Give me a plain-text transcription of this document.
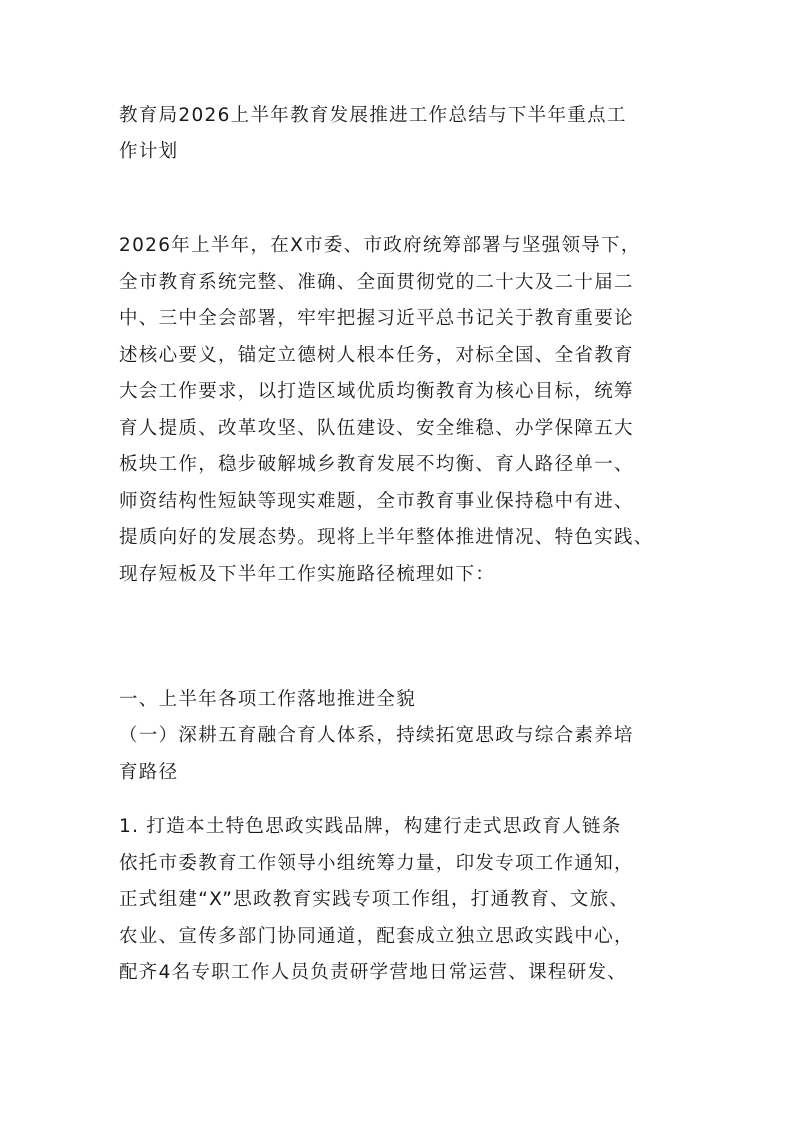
教育局2026上半年教育发展推进工作总结与下半年重点工
作计划
2026年上半年，在X市委、市政府统筹部署与坚强领导下，
全市教育系统完整、准确、全面贯彻党的二十大及二十届二
中、三中全会部署，牢牢把握习近平总书记关于教育重要论
述核心要义，锚定立德树人根本任务，对标全国、全省教育
大会工作要求，以打造区域优质均衡教育为核心目标，统筹
育人提质、改革攻坚、队伍建设、安全维稳、办学保障五大
板块工作，稳步破解城乡教育发展不均衡、育人路径单一、
师资结构性短缺等现实难题，全市教育事业保持稳中有进、
提质向好的发展态势。现将上半年整体推进情况、特色实践、
现存短板及下半年工作实施路径梳理如下：
一、上半年各项工作落地推进全貌
（一）深耕五育融合育人体系，持续拓宽思政与综合素养培
育路径
1. 打造本土特色思政实践品牌，构建行走式思政育人链条
依托市委教育工作领导小组统筹力量，印发专项工作通知，
正式组建“X”思政教育实践专项工作组，打通教育、文旅、
农业、宣传多部门协同通道，配套成立独立思政实践中心，
配齐4名专职工作人员负责研学营地日常运营、课程研发、
